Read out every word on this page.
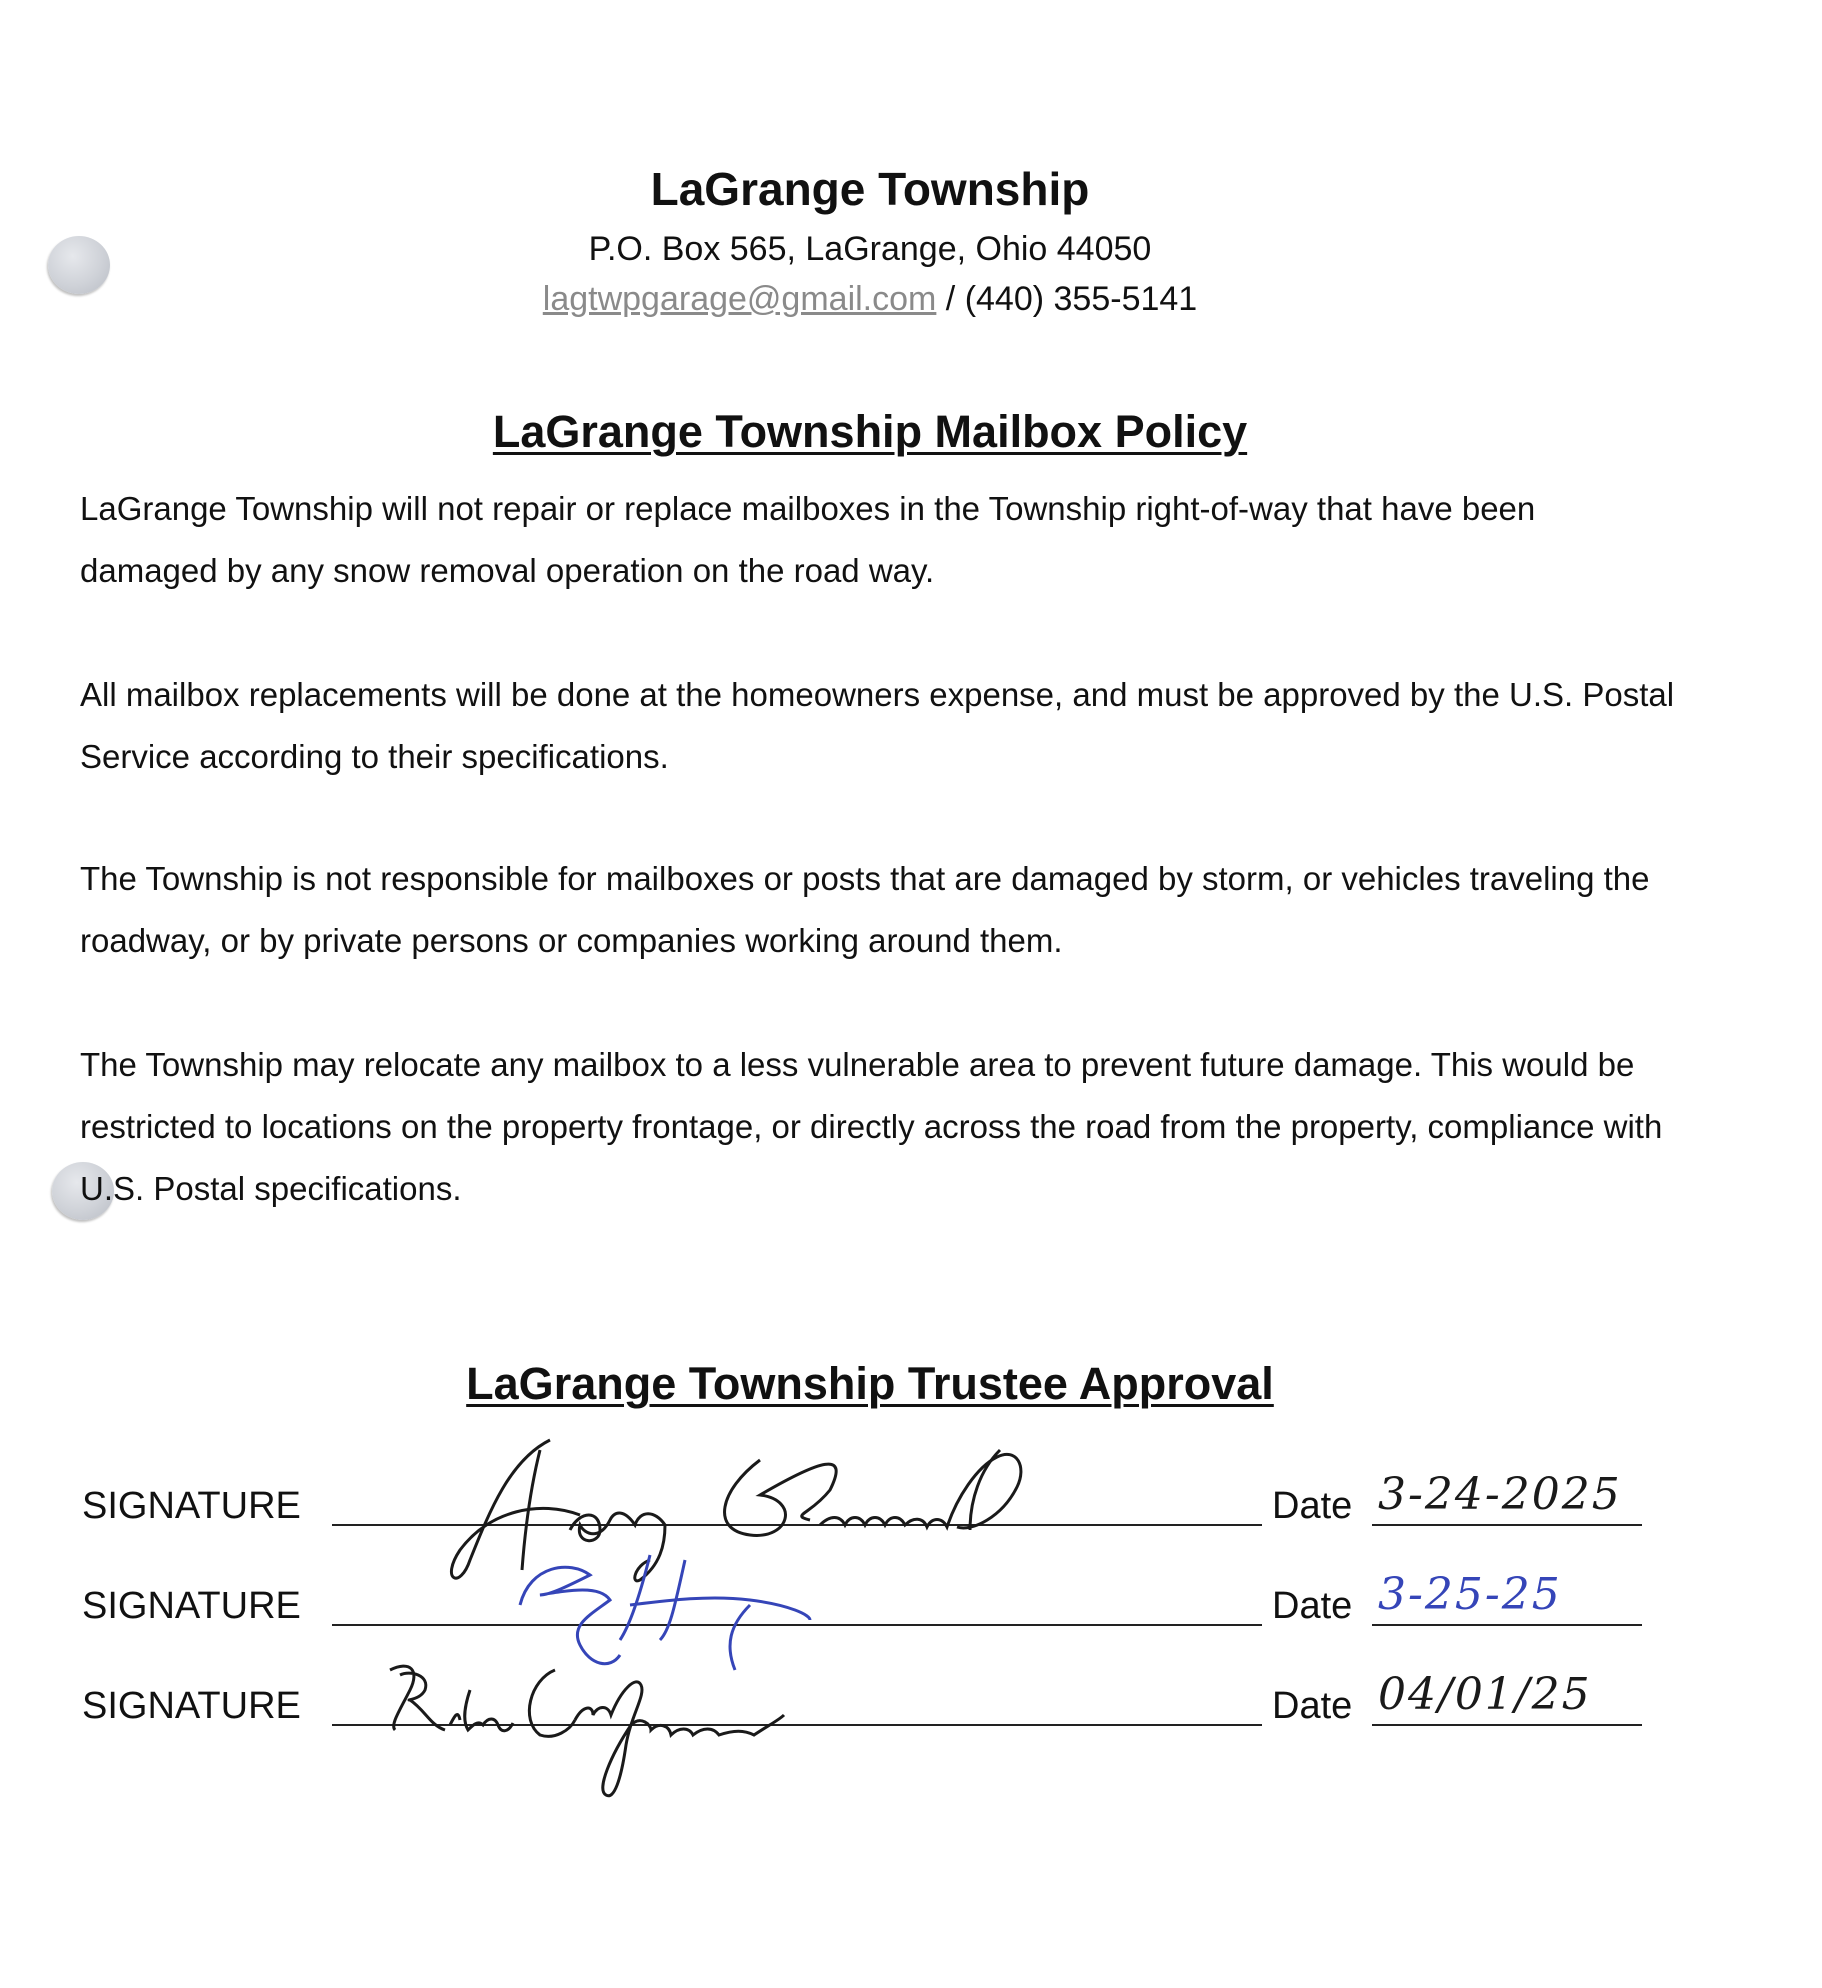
LaGrange Township
P.O. Box 565, LaGrange, Ohio 44050
lagtwpgarage@gmail.com / (440) 355-5141
LaGrange Township Mailbox Policy
LaGrange Township will not repair or replace mailboxes in the Township right-of-way that have been damaged by any snow removal operation on the road way.
All mailbox replacements will be done at the homeowners expense, and must be approved by the U.S. Postal Service according to their specifications.
The Township is not responsible for mailboxes or posts that are damaged by storm, or vehicles traveling the roadway, or by private persons or companies working around them.
The Township may relocate any mailbox to a less vulnerable area to prevent future damage. This would be restricted to locations on the property frontage, or directly across the road from the property, compliance with U.S. Postal specifications.
LaGrange Township Trustee Approval
SIGNATURE	Date 3-24-2025
SIGNATURE	Date 3-25-25
SIGNATURE	Date 04/01/25
